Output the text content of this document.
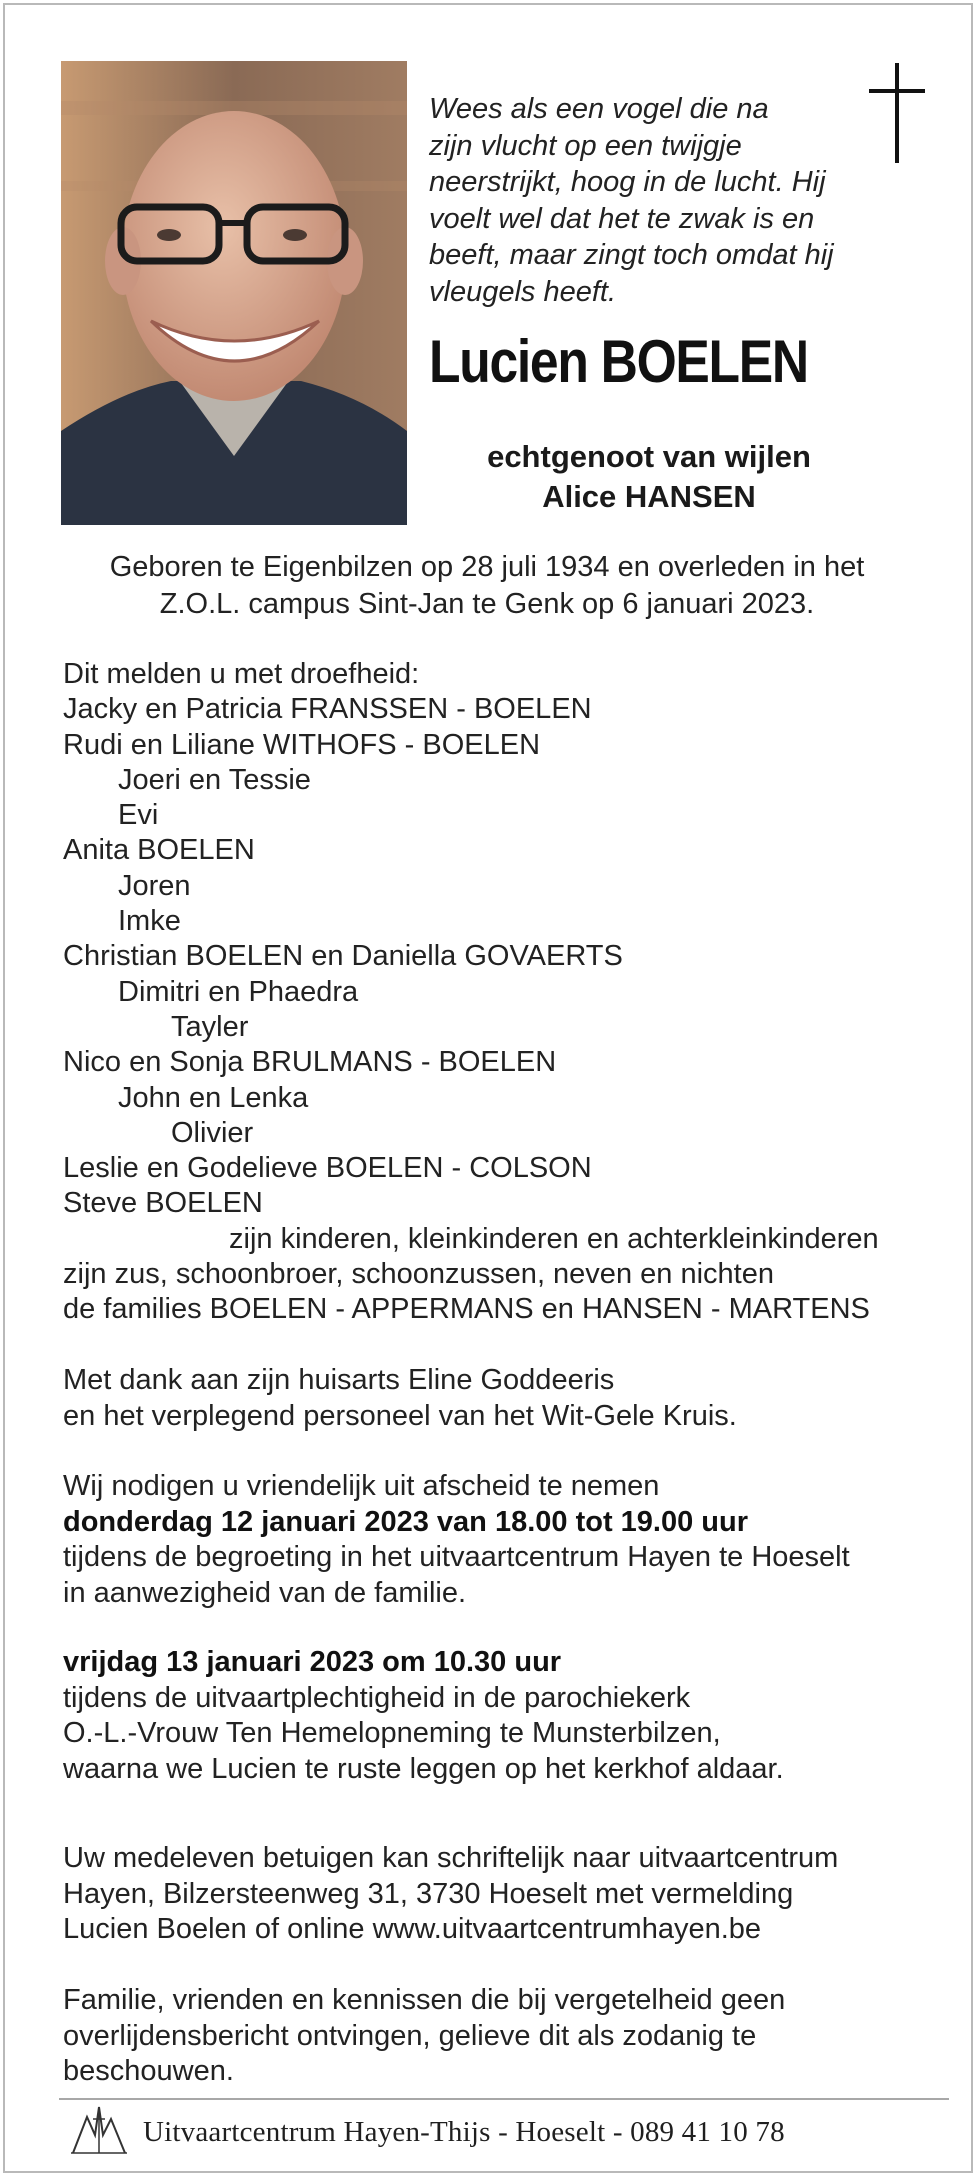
Wees als een vogel die na
zijn vlucht op een twijgje
neerstrijkt, hoog in de lucht. Hij
voelt wel dat het te zwak is en
beeft, maar zingt toch omdat hij
vleugels heeft.
Lucien BOELEN
echtgenoot van wijlen
Alice HANSEN
Geboren te Eigenbilzen op 28 juli 1934 en overleden in het
Z.O.L. campus Sint-Jan te Genk op 6 januari 2023.
Dit melden u met droefheid:
Jacky en Patricia FRANSSEN - BOELEN
Rudi en Liliane WITHOFS - BOELEN
Joeri en Tessie
Evi
Anita BOELEN
Joren
Imke
Christian BOELEN en Daniella GOVAERTS
Dimitri en Phaedra
Tayler
Nico en Sonja BRULMANS - BOELEN
John en Lenka
Olivier
Leslie en Godelieve BOELEN - COLSON
Steve BOELEN
zijn kinderen, kleinkinderen en achterkleinkinderen
zijn zus, schoonbroer, schoonzussen, neven en nichten
de families BOELEN - APPERMANS en HANSEN - MARTENS
Met dank aan zijn huisarts Eline Goddeeris
en het verplegend personeel van het Wit-Gele Kruis.
Wij nodigen u vriendelijk uit afscheid te nemen
donderdag 12 januari 2023 van 18.00 tot 19.00 uur
tijdens de begroeting in het uitvaartcentrum Hayen te Hoeselt
in aanwezigheid van de familie.
vrijdag 13 januari 2023 om 10.30 uur
tijdens de uitvaartplechtigheid in de parochiekerk
O.-L.-Vrouw Ten Hemelopneming te Munsterbilzen,
waarna we Lucien te ruste leggen op het kerkhof aldaar.
Uw medeleven betuigen kan schriftelijk naar uitvaartcentrum
Hayen, Bilzersteenweg 31, 3730 Hoeselt met vermelding
Lucien Boelen of online www.uitvaartcentrumhayen.be
Familie, vrienden en kennissen die bij vergetelheid geen
overlijdensbericht ontvingen, gelieve dit als zodanig te
beschouwen.
Uitvaartcentrum Hayen-Thijs - Hoeselt - 089 41 10 78
